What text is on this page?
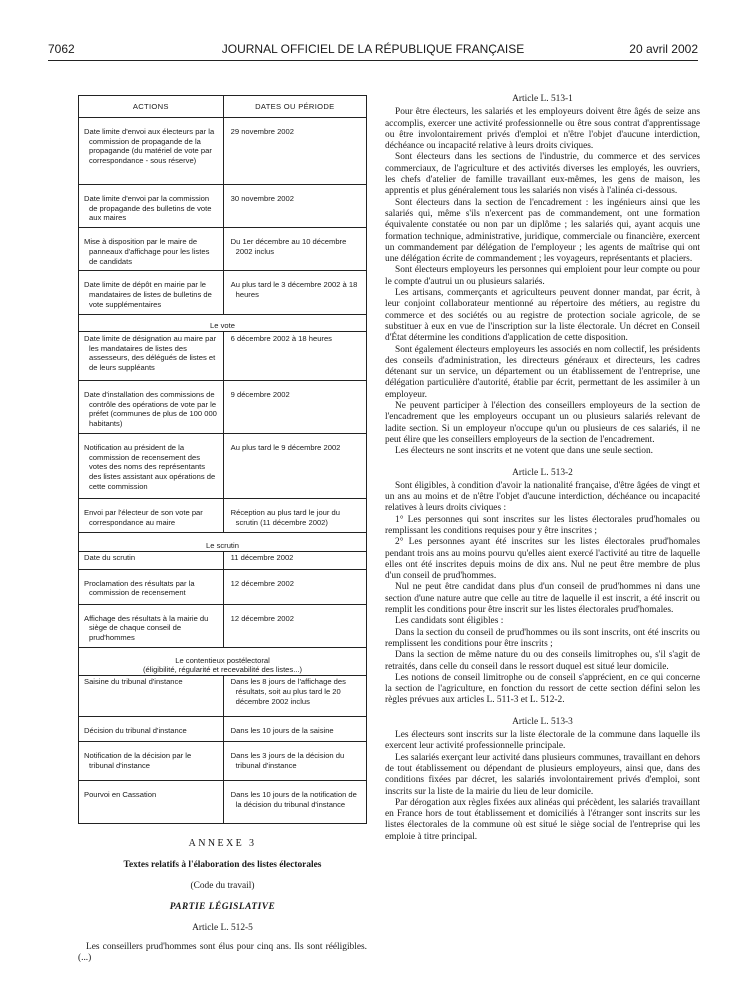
7062	JOURNAL OFFICIEL DE LA RÉPUBLIQUE FRANÇAISE	20 avril 2002
ACTIONS	DATES OU PÉRIODE

Date limite d'envoi aux électeurs par la commission de propagande de la propagande (du matériel de vote par correspondance - sous réserve)	29 novembre 2002

Date limite d'envoi par la commission de propagande des bulletins de vote aux maires	30 novembre 2002

Mise à disposition par le maire de panneaux d'affichage pour les listes de candidats	Du 1er décembre au 10 décembre 2002 inclus

Date limite de dépôt en mairie par le mandataires de listes de bulletins de vote supplémentaires	Au plus tard le 3 décembre 2002 à 18 heures

Le vote	

Date limite de désignation au maire par les mandataires de listes des assesseurs, des délégués de listes et de leurs suppléants	6 décembre 2002 à 18 heures

Date d'installation des commissions de contrôle des opérations de vote par le préfet (communes de plus de 100 000 habitants)	9 décembre 2002

Notification au président de la commission de recensement des votes des noms des représentants des listes assistant aux opérations de cette commission	Au plus tard le 9 décembre 2002

Envoi par l'électeur de son vote par correspondance au maire	Réception au plus tard le jour du scrutin (11 décembre 2002)

Le scrutin	

Date du scrutin	11 décembre 2002

Proclamation des résultats par la commission de recensement	12 décembre 2002

Affichage des résultats à la mairie du siège de chaque conseil de prud'hommes	12 décembre 2002

Le contentieux postélectoral
(éligibilité, régularité et recevabilité des listes...)	

Saisine du tribunal d'instance	Dans les 8 jours de l'affichage des résultats, soit au plus tard le 20 décembre 2002 inclus

Décision du tribunal d'instance	Dans les 10 jours de la saisine

Notification de la décision par le tribunal d'instance	Dans les 3 jours de la décision du tribunal d'instance

Pourvoi en Cassation	Dans les 10 jours de la notification de la décision du tribunal d'instance
ANNEXE 3
Textes relatifs à l'élaboration des listes électorales
(Code du travail)
PARTIE LÉGISLATIVE
Article L. 512-5
Les conseillers prud'hommes sont élus pour cinq ans. Ils sont rééligibles. (...)
Article L. 513-1

Pour être électeurs, les salariés et les employeurs doivent être âgés de seize ans accomplis, exercer une activité professionnelle ou être sous contrat d'apprentissage ou être involontairement privés d'emploi et n'être l'objet d'aucune interdiction, déchéance ou incapacité relative à leurs droits civiques.

Sont électeurs dans les sections de l'industrie, du commerce et des services commerciaux, de l'agriculture et des activités diverses les employés, les ouvriers, les chefs d'atelier de famille travaillant eux-mêmes, les gens de maison, les apprentis et plus généralement tous les salariés non visés à l'alinéa ci-dessous.

Sont électeurs dans la section de l'encadrement : les ingénieurs ainsi que les salariés qui, même s'ils n'exercent pas de commandement, ont une formation équivalente constatée ou non par un diplôme ; les salariés qui, ayant acquis une formation technique, administrative, juridique, commerciale ou financière, exercent un commandement par délégation de l'employeur ; les agents de maîtrise qui ont une délégation écrite de commandement ; les voyageurs, représentants et placiers.

Sont électeurs employeurs les personnes qui emploient pour leur compte ou pour le compte d'autrui un ou plusieurs salariés.

Les artisans, commerçants et agriculteurs peuvent donner mandat, par écrit, à leur conjoint collaborateur mentionné au répertoire des métiers, au registre du commerce et des sociétés ou au registre de protection sociale agricole, de se substituer à eux en vue de l'inscription sur la liste électorale. Un décret en Conseil d'État détermine les conditions d'application de cette disposition.

Sont également électeurs employeurs les associés en nom collectif, les présidents des conseils d'administration, les directeurs généraux et directeurs, les cadres détenant sur un service, un département ou un établissement de l'entreprise, une délégation particulière d'autorité, établie par écrit, permettant de les assimiler à un employeur.

Ne peuvent participer à l'élection des conseillers employeurs de la section de l'encadrement que les employeurs occupant un ou plusieurs salariés relevant de ladite section. Si un employeur n'occupe qu'un ou plusieurs de ces salariés, il ne peut élire que les conseillers employeurs de la section de l'encadrement.

Les électeurs ne sont inscrits et ne votent que dans une seule section.

Article L. 513-2

Sont éligibles, à condition d'avoir la nationalité française, d'être âgées de vingt et un ans au moins et de n'être l'objet d'aucune interdiction, déchéance ou incapacité relatives à leurs droits civiques :

1° Les personnes qui sont inscrites sur les listes électorales prud'homales ou remplissant les conditions requises pour y être inscrites ;

2° Les personnes ayant été inscrites sur les listes électorales prud'homales pendant trois ans au moins pourvu qu'elles aient exercé l'activité au titre de laquelle elles ont été inscrites depuis moins de dix ans. Nul ne peut être membre de plus d'un conseil de prud'hommes.

Nul ne peut être candidat dans plus d'un conseil de prud'hommes ni dans une section d'une nature autre que celle au titre de laquelle il est inscrit, a été inscrit ou remplit les conditions pour être inscrit sur les listes électorales prud'homales.

Les candidats sont éligibles :

Dans la section du conseil de prud'hommes ou ils sont inscrits, ont été inscrits ou remplissent les conditions pour être inscrits ;

Dans la section de même nature du ou des conseils limitrophes ou, s'il s'agit de retraités, dans celle du conseil dans le ressort duquel est situé leur domicile.

Les notions de conseil limitrophe ou de conseil s'apprécient, en ce qui concerne la section de l'agriculture, en fonction du ressort de cette section défini selon les règles prévues aux articles L. 511-3 et L. 512-2.

Article L. 513-3

Les électeurs sont inscrits sur la liste électorale de la commune dans laquelle ils exercent leur activité professionnelle principale.

Les salariés exerçant leur activité dans plusieurs communes, travaillant en dehors de tout établissement ou dépendant de plusieurs employeurs, ainsi que, dans des conditions fixées par décret, les salariés involontairement privés d'emploi, sont inscrits sur la liste de la mairie du lieu de leur domicile.

Par dérogation aux règles fixées aux alinéas qui précèdent, les salariés travaillant en France hors de tout établissement et domiciliés à l'étranger sont inscrits sur les listes électorales de la commune où est situé le siège social de l'entreprise qui les emploie à titre principal.
